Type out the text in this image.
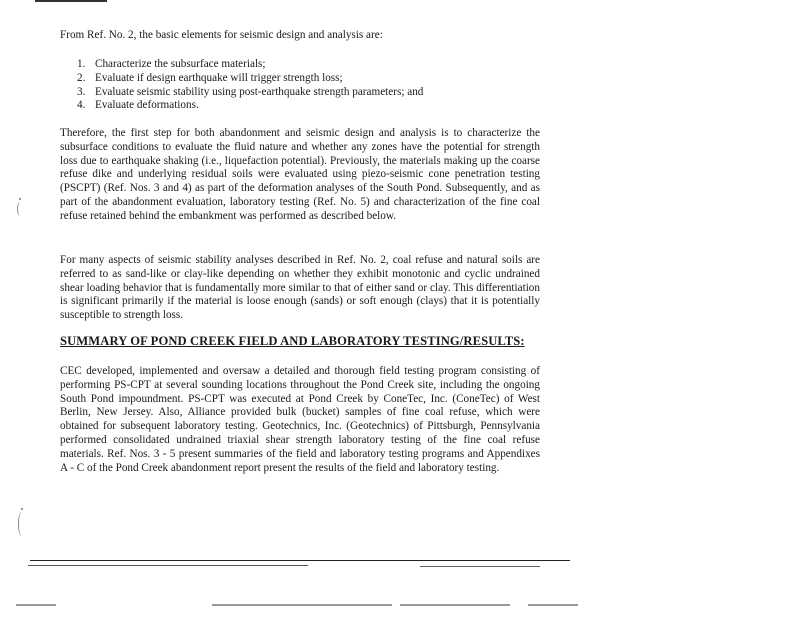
From Ref. No. 2, the basic elements for seismic design and analysis are:
1. Characterize the subsurface materials;
2. Evaluate if design earthquake will trigger strength loss;
3. Evaluate seismic stability using post-earthquake strength parameters; and
4. Evaluate deformations.
Therefore, the first step for both abandonment and seismic design and analysis is to characterize the subsurface conditions to evaluate the fluid nature and whether any zones have the potential for strength loss due to earthquake shaking (i.e., liquefaction potential). Previously, the materials making up the coarse refuse dike and underlying residual soils were evaluated using piezo-seismic cone penetration testing (PSCPT) (Ref. Nos. 3 and 4) as part of the deformation analyses of the South Pond. Subsequently, and as part of the abandonment evaluation, laboratory testing (Ref. No. 5) and characterization of the fine coal refuse retained behind the embankment was performed as described below.
For many aspects of seismic stability analyses described in Ref. No. 2, coal refuse and natural soils are referred to as sand-like or clay-like depending on whether they exhibit monotonic and cyclic undrained shear loading behavior that is fundamentally more similar to that of either sand or clay. This differentiation is significant primarily if the material is loose enough (sands) or soft enough (clays) that it is potentially susceptible to strength loss.
SUMMARY OF POND CREEK FIELD AND LABORATORY TESTING/RESULTS:
CEC developed, implemented and oversaw a detailed and thorough field testing program consisting of performing PS-CPT at several sounding locations throughout the Pond Creek site, including the ongoing South Pond impoundment. PS-CPT was executed at Pond Creek by ConeTec, Inc. (ConeTec) of West Berlin, New Jersey. Also, Alliance provided bulk (bucket) samples of fine coal refuse, which were obtained for subsequent laboratory testing. Geotechnics, Inc. (Geotechnics) of Pittsburgh, Pennsylvania performed consolidated undrained triaxial shear strength laboratory testing of the fine coal refuse materials. Ref. Nos. 3 - 5 present summaries of the field and laboratory testing programs and Appendixes A - C of the Pond Creek abandonment report present the results of the field and laboratory testing.
